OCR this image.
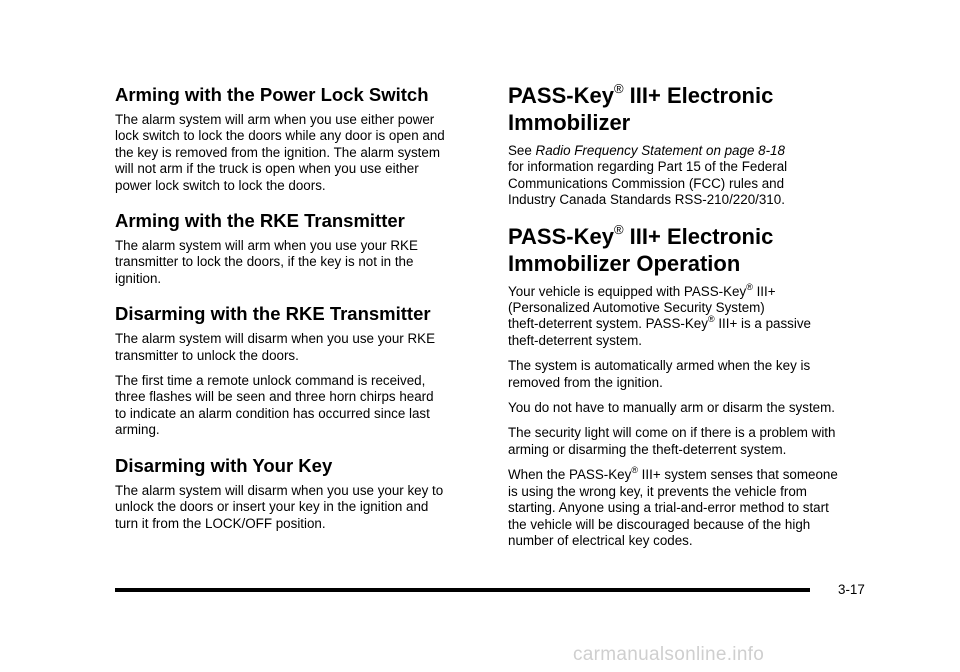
Arming with the Power Lock Switch

The alarm system will arm when you use either power
lock switch to lock the doors while any door is open and
the key is removed from the ignition. The alarm system
will not arm if the truck is open when you use either
power lock switch to lock the doors.

Arming with the RKE Transmitter

The alarm system will arm when you use your RKE
transmitter to lock the doors, if the key is not in the
ignition.

Disarming with the RKE Transmitter

The alarm system will disarm when you use your RKE
transmitter to unlock the doors.

The first time a remote unlock command is received,
three flashes will be seen and three horn chirps heard
to indicate an alarm condition has occurred since last
arming.

Disarming with Your Key

The alarm system will disarm when you use your key to
unlock the doors or insert your key in the ignition and
turn it from the LOCK/OFF position.

PASS-Key® III+ Electronic
Immobilizer

See Radio Frequency Statement on page 8-18
for information regarding Part 15 of the Federal
Communications Commission (FCC) rules and
Industry Canada Standards RSS-210/220/310.

PASS-Key® III+ Electronic
Immobilizer Operation

Your vehicle is equipped with PASS-Key® III+
(Personalized Automotive Security System)
theft-deterrent system. PASS-Key® III+ is a passive
theft-deterrent system.

The system is automatically armed when the key is
removed from the ignition.

You do not have to manually arm or disarm the system.

The security light will come on if there is a problem with
arming or disarming the theft-deterrent system.

When the PASS-Key® III+ system senses that someone
is using the wrong key, it prevents the vehicle from
starting. Anyone using a trial-and-error method to start
the vehicle will be discouraged because of the high
number of electrical key codes.

3-17
carmanualsonline.info
